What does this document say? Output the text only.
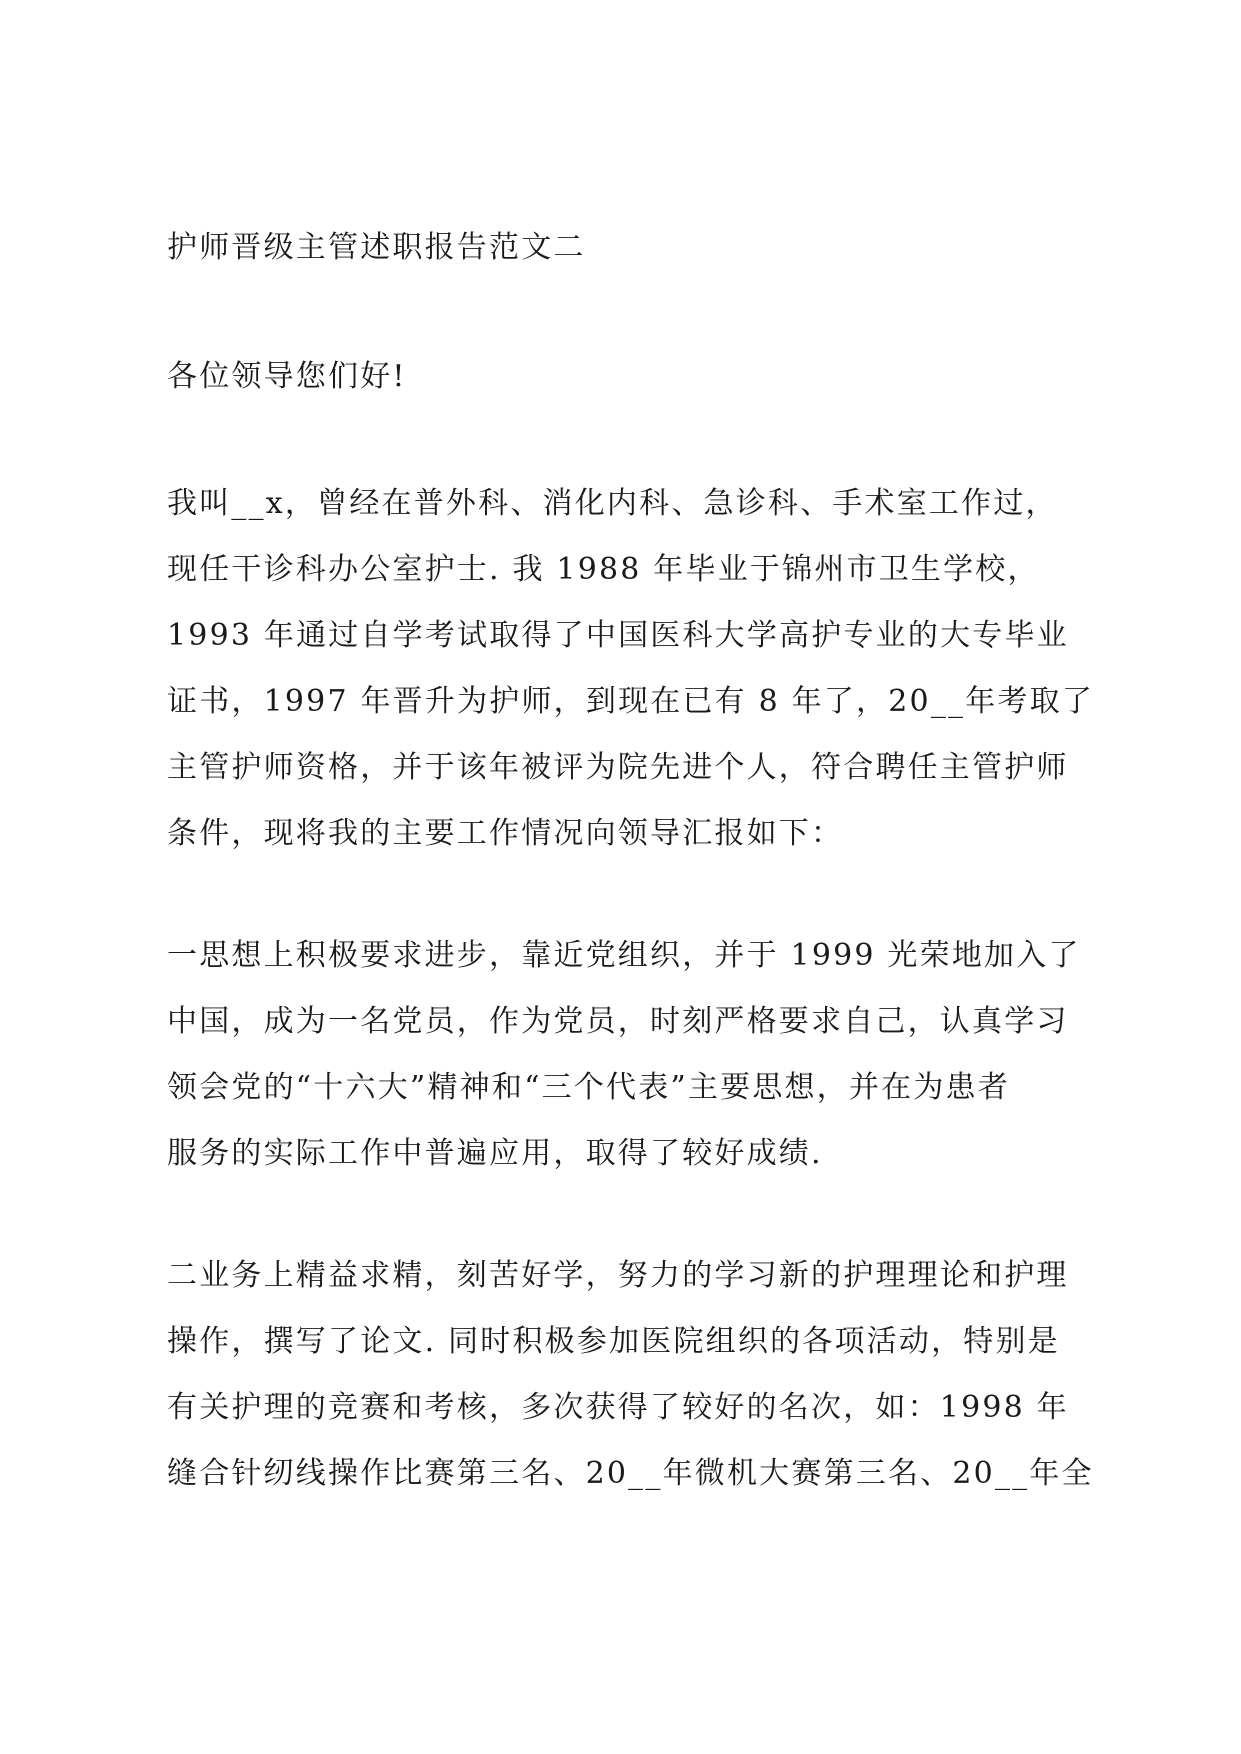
护师晋级主管述职报告范文二
各位领导您们好!
我叫__x，曾经在普外科、消化内科、急诊科、手术室工作过，
现任干诊科办公室护士. 我 1988 年毕业于锦州市卫生学校，
1993 年通过自学考试取得了中国医科大学高护专业的大专毕业
证书，1997 年晋升为护师，到现在已有 8 年了，20__年考取了
主管护师资格，并于该年被评为院先进个人，符合聘任主管护师
条件，现将我的主要工作情况向领导汇报如下：
一思想上积极要求进步，靠近党组织，并于 1999 光荣地加入了
中国，成为一名党员，作为党员，时刻严格要求自己，认真学习
领会党的“十六大”精神和“三个代表”主要思想，并在为患者
服务的实际工作中普遍应用，取得了较好成绩.
二业务上精益求精，刻苦好学，努力的学习新的护理理论和护理
操作，撰写了论文. 同时积极参加医院组织的各项活动，特别是
有关护理的竞赛和考核，多次获得了较好的名次，如：1998 年
缝合针纫线操作比赛第三名、20__年微机大赛第三名、20__年全
